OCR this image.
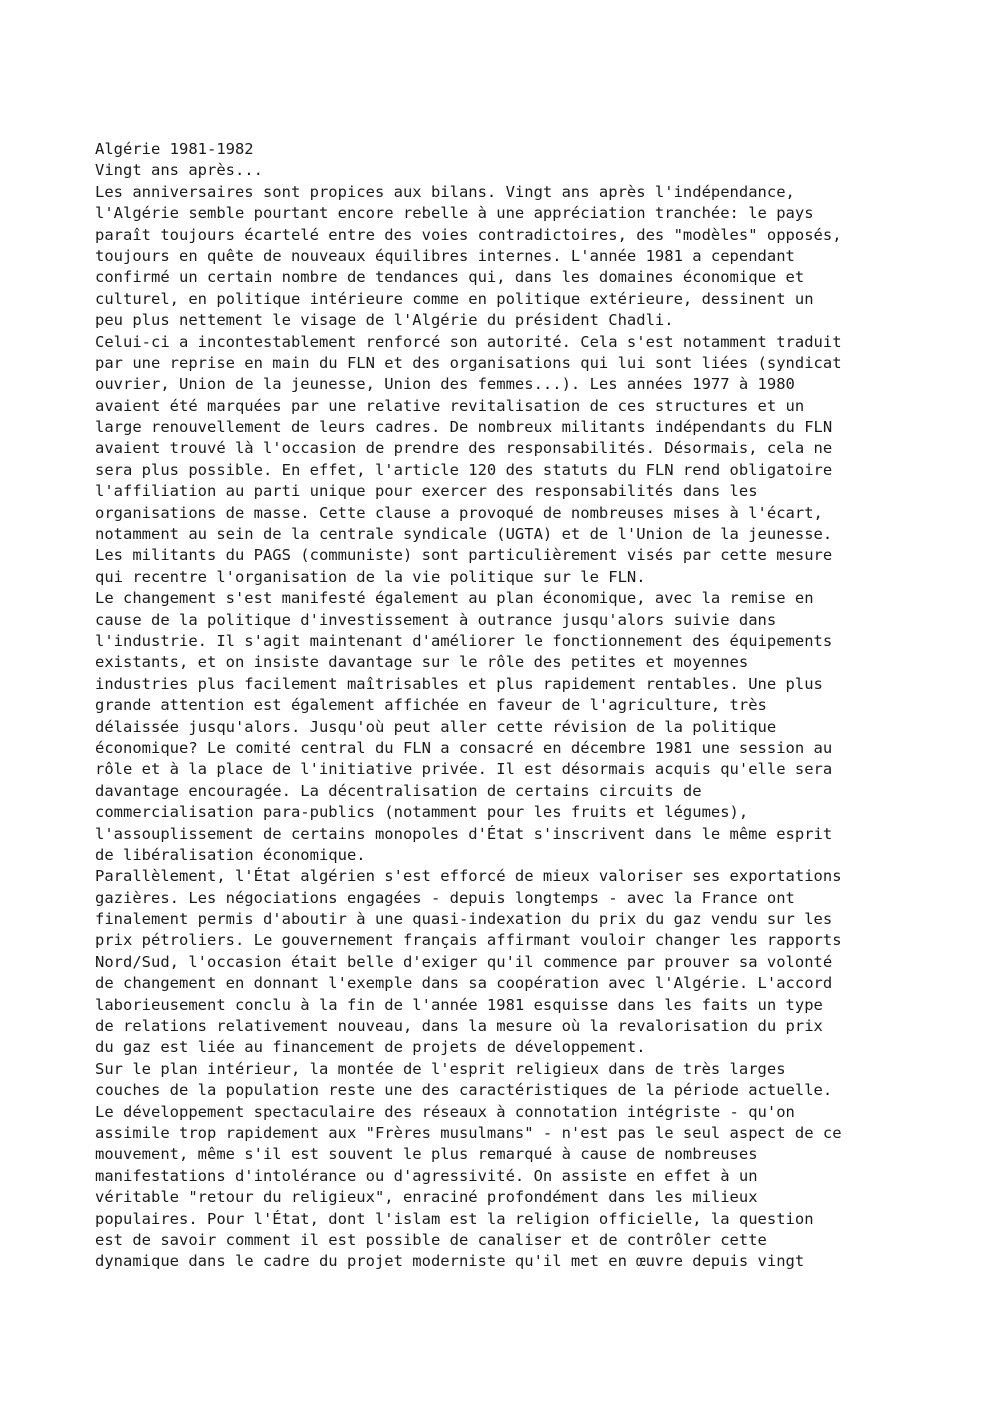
Algérie 1981-1982
Vingt ans après...
Les anniversaires sont propices aux bilans. Vingt ans après l'indépendance,
l'Algérie semble pourtant encore rebelle à une appréciation tranchée: le pays
paraît toujours écartelé entre des voies contradictoires, des "modèles" opposés,
toujours en quête de nouveaux équilibres internes. L'année 1981 a cependant
confirmé un certain nombre de tendances qui, dans les domaines économique et
culturel, en politique intérieure comme en politique extérieure, dessinent un
peu plus nettement le visage de l'Algérie du président Chadli.
Celui-ci a incontestablement renforcé son autorité. Cela s'est notamment traduit
par une reprise en main du FLN et des organisations qui lui sont liées (syndicat
ouvrier, Union de la jeunesse, Union des femmes...). Les années 1977 à 1980
avaient été marquées par une relative revitalisation de ces structures et un
large renouvellement de leurs cadres. De nombreux militants indépendants du FLN
avaient trouvé là l'occasion de prendre des responsabilités. Désormais, cela ne
sera plus possible. En effet, l'article 120 des statuts du FLN rend obligatoire
l'affiliation au parti unique pour exercer des responsabilités dans les
organisations de masse. Cette clause a provoqué de nombreuses mises à l'écart,
notamment au sein de la centrale syndicale (UGTA) et de l'Union de la jeunesse.
Les militants du PAGS (communiste) sont particulièrement visés par cette mesure
qui recentre l'organisation de la vie politique sur le FLN.
Le changement s'est manifesté également au plan économique, avec la remise en
cause de la politique d'investissement à outrance jusqu'alors suivie dans
l'industrie. Il s'agit maintenant d'améliorer le fonctionnement des équipements
existants, et on insiste davantage sur le rôle des petites et moyennes
industries plus facilement maîtrisables et plus rapidement rentables. Une plus
grande attention est également affichée en faveur de l'agriculture, très
délaissée jusqu'alors. Jusqu'où peut aller cette révision de la politique
économique? Le comité central du FLN a consacré en décembre 1981 une session au
rôle et à la place de l'initiative privée. Il est désormais acquis qu'elle sera
davantage encouragée. La décentralisation de certains circuits de
commercialisation para-publics (notamment pour les fruits et légumes),
l'assouplissement de certains monopoles d'État s'inscrivent dans le même esprit
de libéralisation économique.
Parallèlement, l'État algérien s'est efforcé de mieux valoriser ses exportations
gazières. Les négociations engagées - depuis longtemps - avec la France ont
finalement permis d'aboutir à une quasi-indexation du prix du gaz vendu sur les
prix pétroliers. Le gouvernement français affirmant vouloir changer les rapports
Nord/Sud, l'occasion était belle d'exiger qu'il commence par prouver sa volonté
de changement en donnant l'exemple dans sa coopération avec l'Algérie. L'accord
laborieusement conclu à la fin de l'année 1981 esquisse dans les faits un type
de relations relativement nouveau, dans la mesure où la revalorisation du prix
du gaz est liée au financement de projets de développement.
Sur le plan intérieur, la montée de l'esprit religieux dans de très larges
couches de la population reste une des caractéristiques de la période actuelle.
Le développement spectaculaire des réseaux à connotation intégriste - qu'on
assimile trop rapidement aux "Frères musulmans" - n'est pas le seul aspect de ce
mouvement, même s'il est souvent le plus remarqué à cause de nombreuses
manifestations d'intolérance ou d'agressivité. On assiste en effet à un
véritable "retour du religieux", enraciné profondément dans les milieux
populaires. Pour l'État, dont l'islam est la religion officielle, la question
est de savoir comment il est possible de canaliser et de contrôler cette
dynamique dans le cadre du projet moderniste qu'il met en œuvre depuis vingt
